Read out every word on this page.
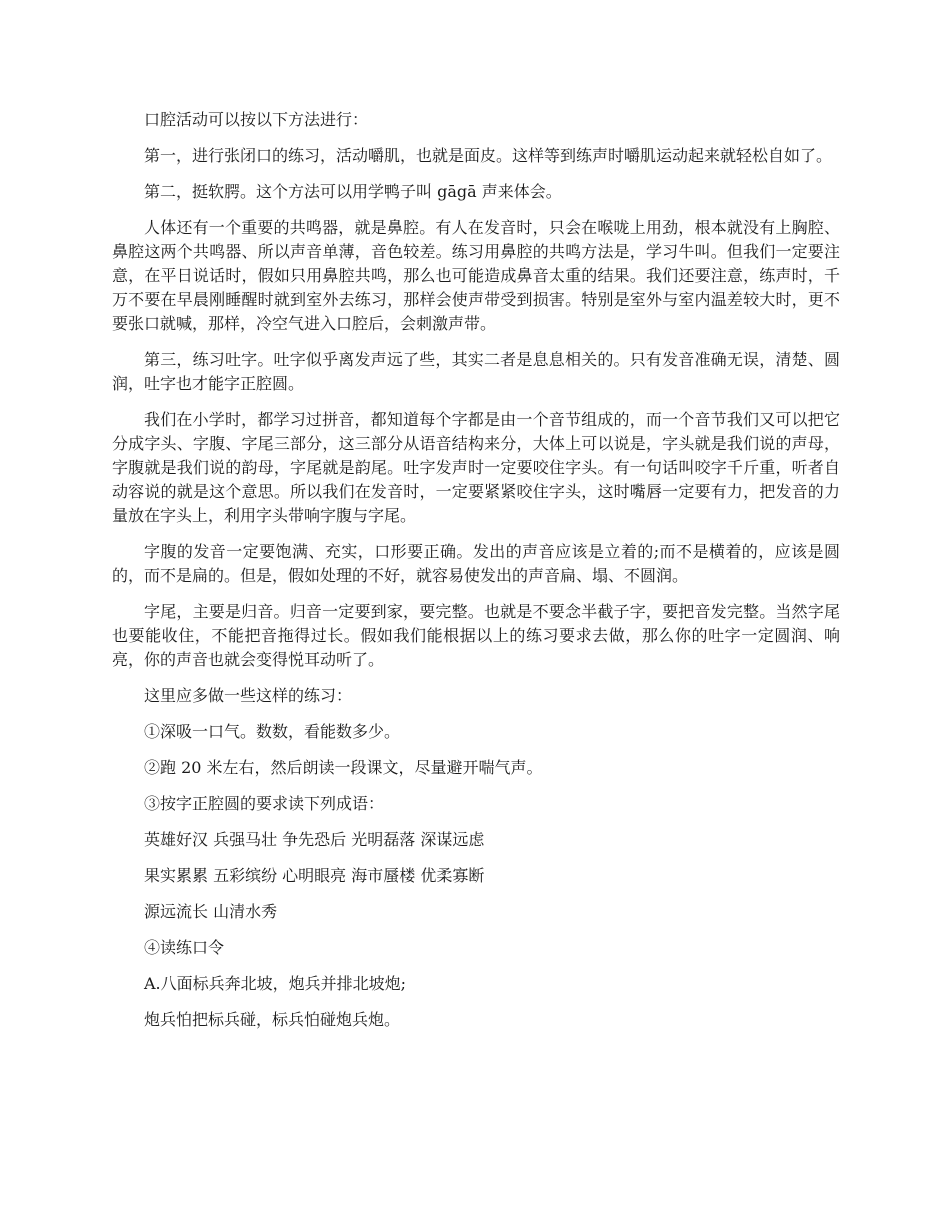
口腔活动可以按以下方法进行：

第一，进行张闭口的练习，活动嚼肌，也就是面皮。这样等到练声时嚼肌运动起来就轻松自如了。

第二，挺软腭。这个方法可以用学鸭子叫 gāgā 声来体会。

人体还有一个重要的共鸣器，就是鼻腔。有人在发音时，只会在喉咙上用劲，根本就没有上胸腔、鼻腔这两个共鸣器、所以声音单薄，音色较差。练习用鼻腔的共鸣方法是，学习牛叫。但我们一定要注意，在平日说话时，假如只用鼻腔共鸣，那么也可能造成鼻音太重的结果。我们还要注意，练声时，千万不要在早晨刚睡醒时就到室外去练习，那样会使声带受到损害。特别是室外与室内温差较大时，更不要张口就喊，那样，冷空气进入口腔后，会刺激声带。

第三，练习吐字。吐字似乎离发声远了些，其实二者是息息相关的。只有发音准确无误，清楚、圆润，吐字也才能字正腔圆。

我们在小学时，都学习过拼音，都知道每个字都是由一个音节组成的，而一个音节我们又可以把它分成字头、字腹、字尾三部分，这三部分从语音结构来分，大体上可以说是，字头就是我们说的声母，字腹就是我们说的韵母，字尾就是韵尾。吐字发声时一定要咬住字头。有一句话叫咬字千斤重，听者自动容说的就是这个意思。所以我们在发音时，一定要紧紧咬住字头，这时嘴唇一定要有力，把发音的力量放在字头上，利用字头带响字腹与字尾。

字腹的发音一定要饱满、充实，口形要正确。发出的声音应该是立着的;而不是横着的，应该是圆的，而不是扁的。但是，假如处理的不好，就容易使发出的声音扁、塌、不圆润。

字尾，主要是归音。归音一定要到家，要完整。也就是不要念半截子字，要把音发完整。当然字尾也要能收住，不能把音拖得过长。假如我们能根据以上的练习要求去做，那么你的吐字一定圆润、响亮，你的声音也就会变得悦耳动听了。

这里应多做一些这样的练习：

①深吸一口气。数数，看能数多少。

②跑 20 米左右，然后朗读一段课文，尽量避开喘气声。

③按字正腔圆的要求读下列成语：

英雄好汉 兵强马壮 争先恐后 光明磊落 深谋远虑

果实累累 五彩缤纷 心明眼亮 海市蜃楼 优柔寡断

源远流长 山清水秀

④读练口令

A.八面标兵奔北坡，炮兵并排北坡炮;

炮兵怕把标兵碰，标兵怕碰炮兵炮。
